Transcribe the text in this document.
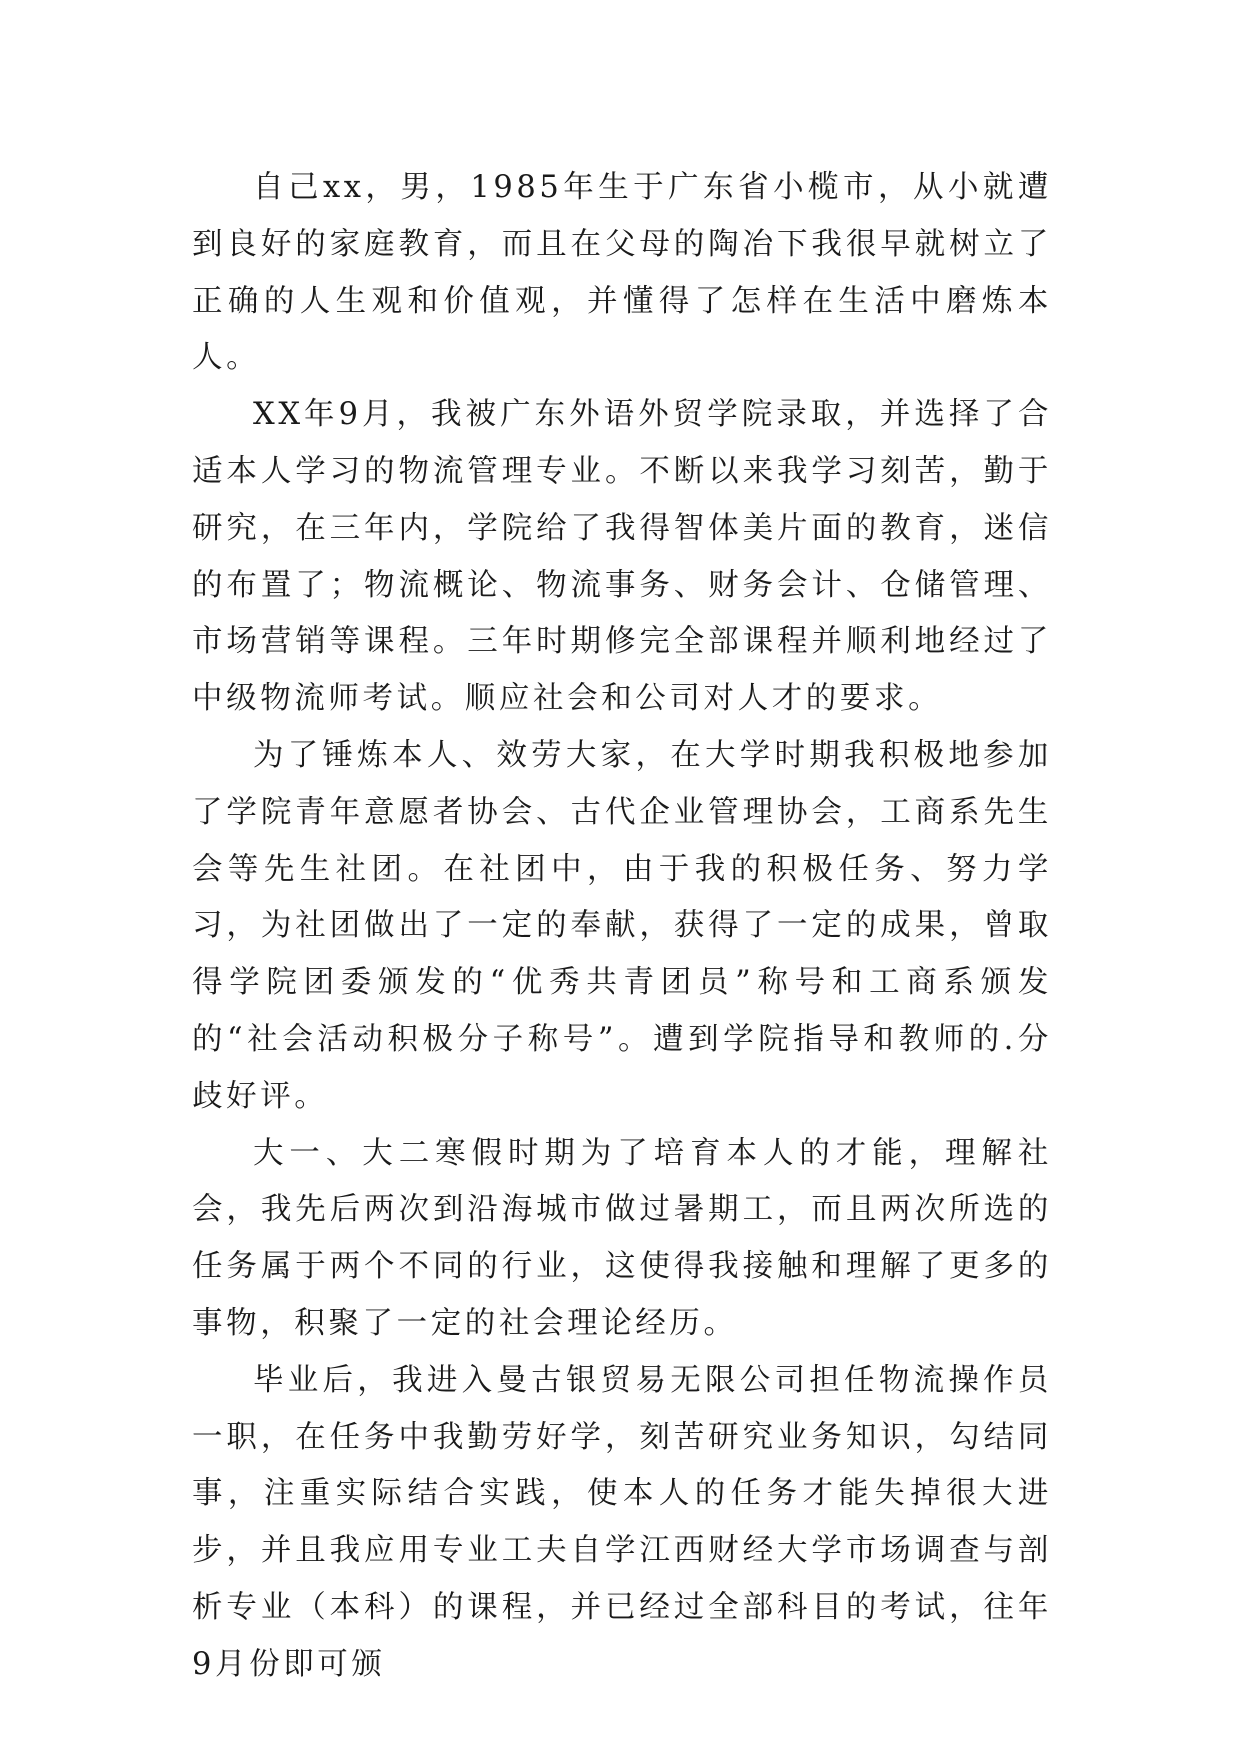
自己xx，男，1985年生于广东省小榄市，从小就遭到良好的家庭教育，而且在父母的陶冶下我很早就树立了正确的人生观和价值观，并懂得了怎样在生活中磨炼本人。

XX年9月，我被广东外语外贸学院录取，并选择了合适本人学习的物流管理专业。不断以来我学习刻苦，勤于研究，在三年内，学院给了我得智体美片面的教育，迷信的布置了；物流概论、物流事务、财务会计、仓储管理、市场营销等课程。三年时期修完全部课程并顺利地经过了中级物流师考试。顺应社会和公司对人才的要求。

为了锤炼本人、效劳大家，在大学时期我积极地参加了学院青年意愿者协会、古代企业管理协会，工商系先生会等先生社团。在社团中，由于我的积极任务、努力学习，为社团做出了一定的奉献，获得了一定的成果，曾取得学院团委颁发的“优秀共青团员”称号和工商系颁发的“社会活动积极分子称号”。遭到学院指导和教师的.分歧好评。

大一、大二寒假时期为了培育本人的才能，理解社会，我先后两次到沿海城市做过暑期工，而且两次所选的任务属于两个不同的行业，这使得我接触和理解了更多的事物，积聚了一定的社会理论经历。

毕业后，我进入曼古银贸易无限公司担任物流操作员一职，在任务中我勤劳好学，刻苦研究业务知识，勾结同事，注重实际结合实践，使本人的任务才能失掉很大进步，并且我应用专业工夫自学江西财经大学市场调查与剖析专业（本科）的课程，并已经过全部科目的考试，往年9月份即可颁
